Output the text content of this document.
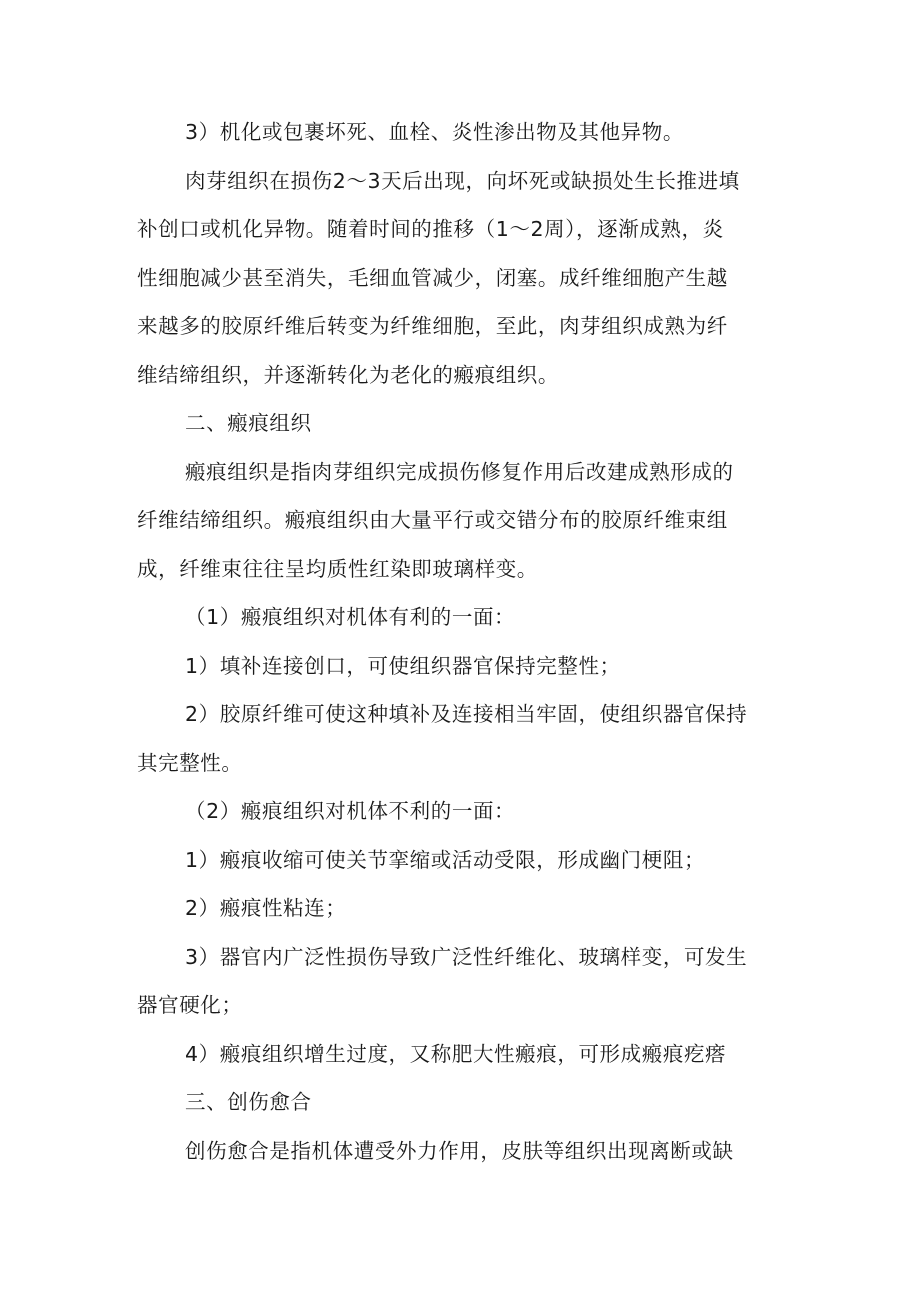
3）机化或包裹坏死、血栓、炎性渗出物及其他异物。
肉芽组织在损伤2〜3天后出现，向坏死或缺损处生长推进填
补创口或机化异物。随着时间的推移（1〜2周），逐渐成熟，炎
性细胞减少甚至消失，毛细血管减少，闭塞。成纤维细胞产生越
来越多的胶原纤维后转变为纤维细胞，至此，肉芽组织成熟为纤
维结缔组织，并逐渐转化为老化的瘢痕组织。
二、瘢痕组织
瘢痕组织是指肉芽组织完成损伤修复作用后改建成熟形成的
纤维结缔组织。瘢痕组织由大量平行或交错分布的胶原纤维束组
成，纤维束往往呈均质性红染即玻璃样变。
（1）瘢痕组织对机体有利的一面：
1）填补连接创口，可使组织器官保持完整性；
2）胶原纤维可使这种填补及连接相当牢固，使组织器官保持
其完整性。
（2）瘢痕组织对机体不利的一面：
1）瘢痕收缩可使关节挛缩或活动受限，形成幽门梗阻；
2）瘢痕性粘连；
3）器官内广泛性损伤导致广泛性纤维化、玻璃样变，可发生
器官硬化；
4）瘢痕组织增生过度，又称肥大性瘢痕，可形成瘢痕疙瘩
三、创伤愈合
创伤愈合是指机体遭受外力作用，皮肤等组织出现离断或缺
